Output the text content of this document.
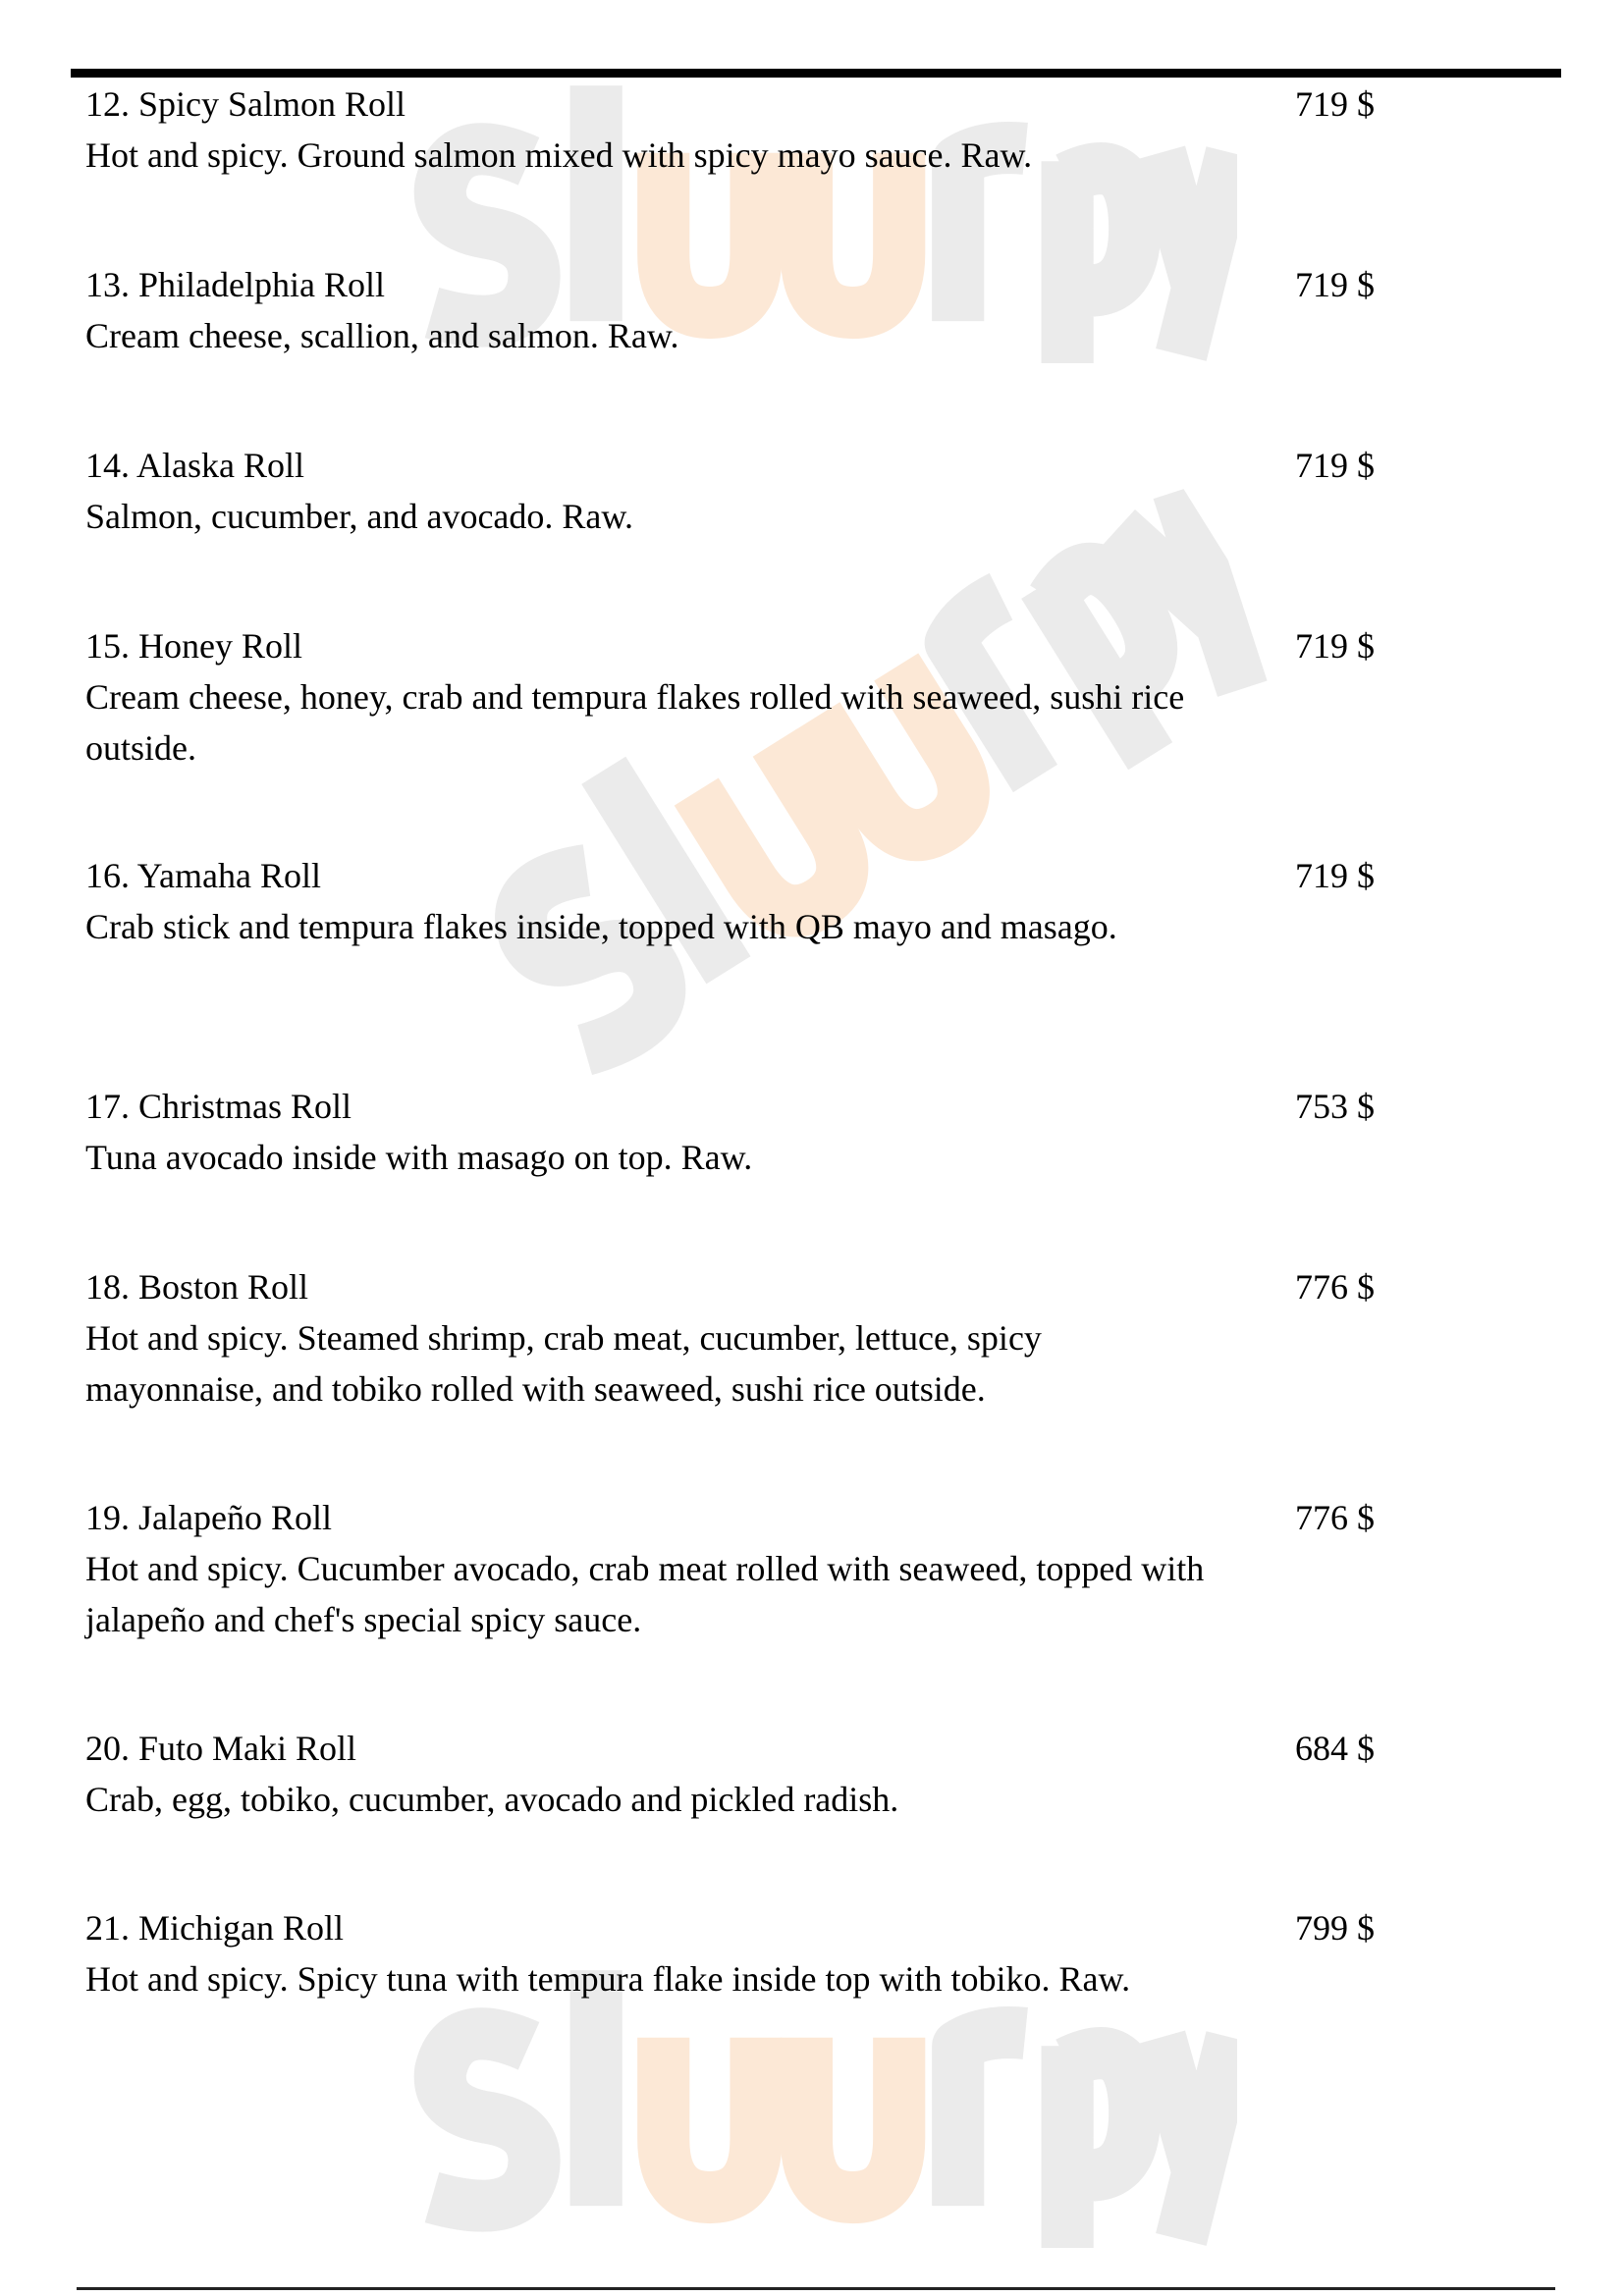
12. Spicy Salmon Roll	719 $
Hot and spicy. Ground salmon mixed with spicy mayo sauce. Raw.
13. Philadelphia Roll	719 $
Cream cheese, scallion, and salmon. Raw.
14. Alaska Roll	719 $
Salmon, cucumber, and avocado. Raw.
15. Honey Roll	719 $
Cream cheese, honey, crab and tempura flakes rolled with seaweed, sushi rice outside.
16. Yamaha Roll	719 $
Crab stick and tempura flakes inside, topped with QB mayo and masago.
17. Christmas Roll	753 $
Tuna avocado inside with masago on top. Raw.
18. Boston Roll	776 $
Hot and spicy. Steamed shrimp, crab meat, cucumber, lettuce, spicy mayonnaise, and tobiko rolled with seaweed, sushi rice outside.
19. Jalapeño Roll	776 $
Hot and spicy. Cucumber avocado, crab meat rolled with seaweed, topped with jalapeño and chef's special spicy sauce.
20. Futo Maki Roll	684 $
Crab, egg, tobiko, cucumber, avocado and pickled radish.
21. Michigan Roll	799 $
Hot and spicy. Spicy tuna with tempura flake inside top with tobiko. Raw.
